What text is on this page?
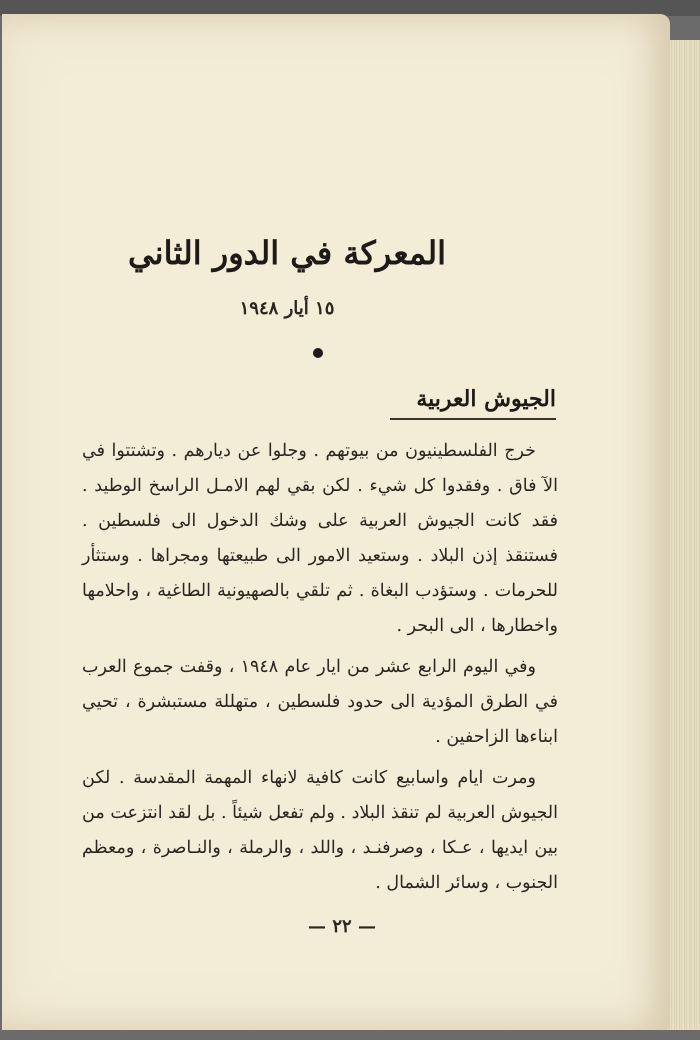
المعركة في الدور الثاني
١٥ أيار ١٩٤٨
الجيوش العربية

خرج الفلسطينيون من بيوتهم . وجلوا عن ديارهم . وتشتتوا في الآ فاق . وفقدوا كل شيء . لكن بقي لهم الامـل الراسخ الوطيد . فقد كانت الجيوش العربية على وشك الدخول الى فلسطين . فستنقذ إذن البلاد . وستعيد الامور الى طبيعتها ومجراها . وستثأر للحرمات . وستؤدب البغاة . ثم تلقي بالصهيونية الطاغية ، واحلامها واخطارها ، الى البحر .

وفي اليوم الرابع عشر من ايار عام ١٩٤٨ ، وقفت جموع العرب في الطرق المؤدية الى حدود فلسطين ، متهللة مستبشرة ، تحيي ابناءها الزاحفين .

ومرت ايام واسابيع كانت كافية لانهاء المهمة المقدسة . لكن الجيوش العربية لم تنقذ البلاد . ولم تفعل شيئاً . بل لقد انتزعت من بين ايديها ، عـكا ، وصرفنـد ، واللد ، والرملة ، والنـاصرة ، ومعظم الجنوب ، وسائر الشمال .

— ٢٢ —
